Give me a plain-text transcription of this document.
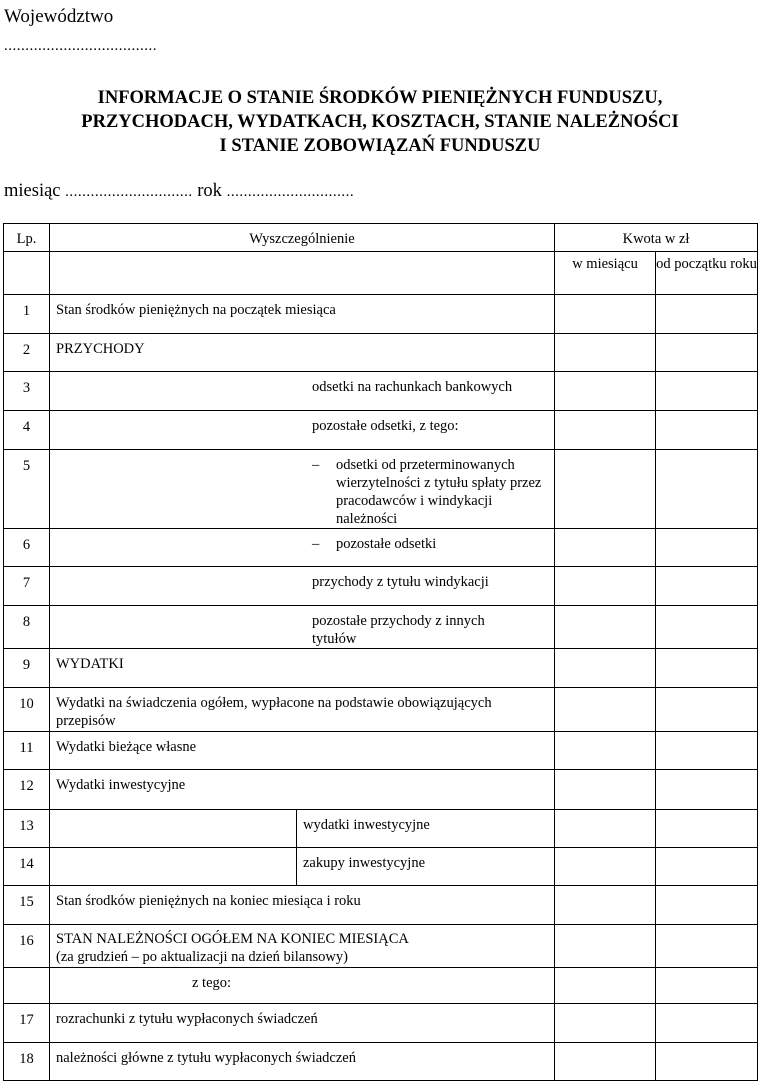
Województwo
....................................
INFORMACJE O STANIE ŚRODKÓW PIENIĘŻNYCH FUNDUSZU,
PRZYCHODACH, WYDATKACH, KOSZTACH, STANIE NALEŻNOŚCI
I STANIE ZOBOWIĄZAŃ FUNDUSZU
miesiąc .............................. rok ..............................
Lp.	Wyszczególnienie		Kwota w zł	
			w miesiącu	od początku roku
1	Stan środków pieniężnych na początek miesiąca			
2	PRZYCHODY			
3	odsetki na rachunkach bankowych			
4	pozostałe odsetki, z tego:			
5	– odsetki od przeterminowanych wierzytelności z tytułu spłaty przez pracodawców i windykacji należności			

6	– pozostałe odsetki			

7	przychody z tytułu windykacji			
8	pozostałe przychody z innych tytułów			
9	WYDATKI			
10	Wydatki na świadczenia ogółem, wypłacone na podstawie obowiązujących przepisów			
11	Wydatki bieżące własne			
12	Wydatki inwestycyjne			
13		wydatki inwestycyjne		
14		zakupy inwestycyjne		
15	Stan środków pieniężnych na koniec miesiąca i roku			
16	STAN NALEŻNOŚCI OGÓŁEM NA KONIEC MIESIĄCA
(za grudzień – po aktualizacji na dzień bilansowy)			

	z tego:			
17	rozrachunki z tytułu wypłaconych świadczeń			
18	należności główne z tytułu wypłaconych świadczeń			
